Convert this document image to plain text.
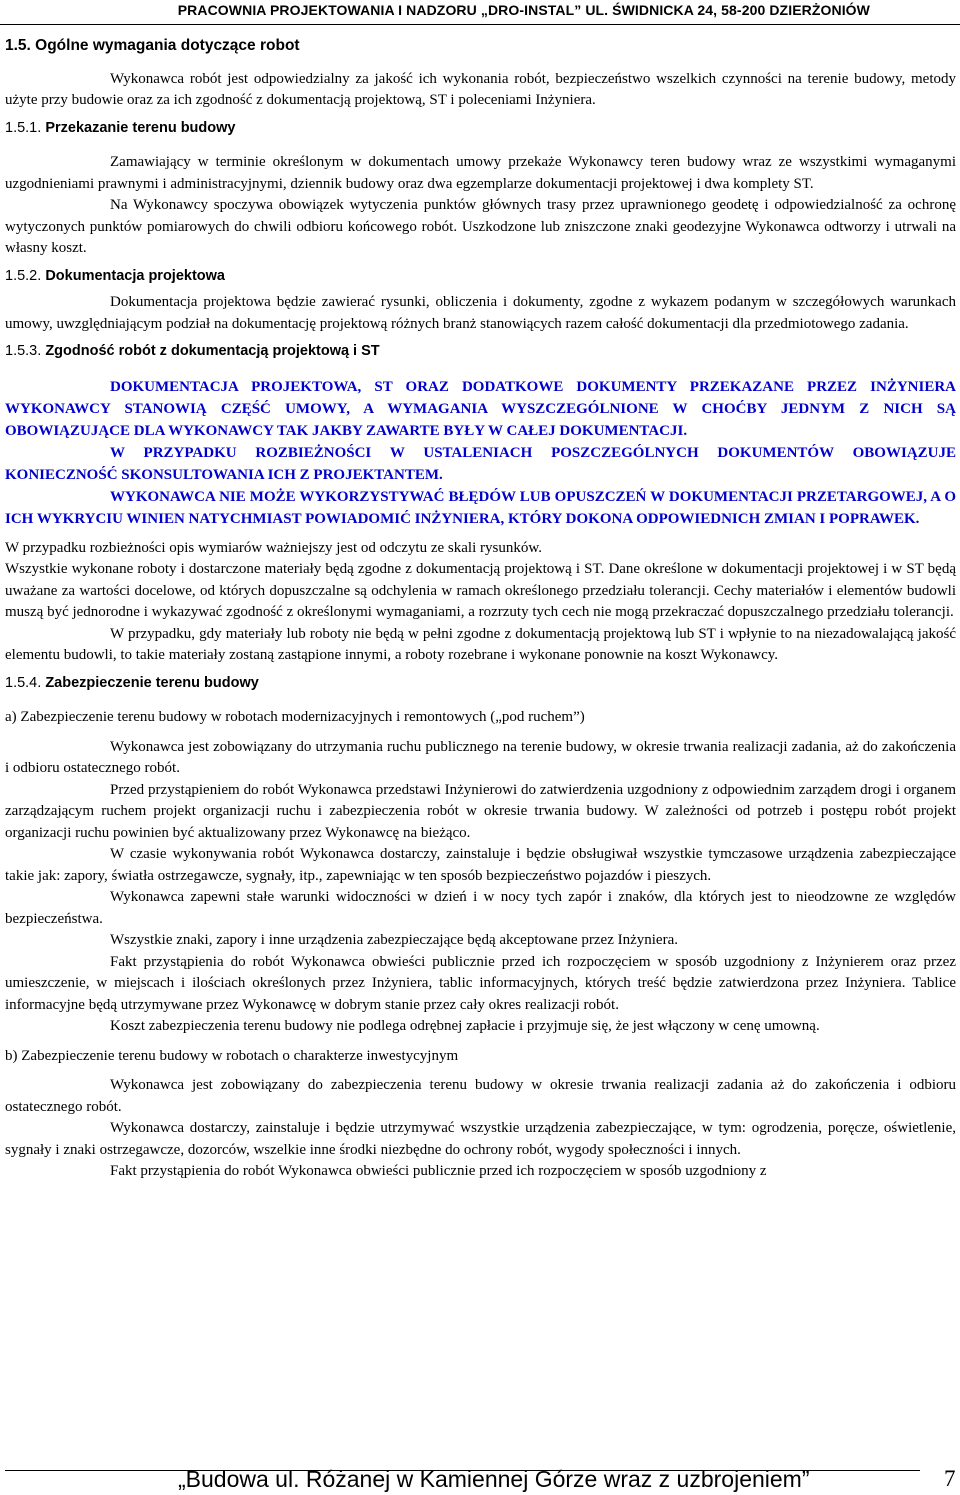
PRACOWNIA PROJEKTOWANIA I NADZORU „DRO-INSTAL” UL. ŚWIDNICKA 24, 58-200 DZIERŻONIÓW
1.5. Ogólne wymagania dotyczące robot

Wykonawca robót jest odpowiedzialny za jakość ich wykonania robót, bezpieczeństwo wszelkich czynności na terenie budowy, metody użyte przy budowie oraz za ich zgodność z dokumentacją projektową, ST i poleceniami Inżyniera.

1.5.1. Przekazanie terenu budowy

Zamawiający w terminie określonym w dokumentach umowy przekaże Wykonawcy teren budowy wraz ze wszystkimi wymaganymi uzgodnieniami prawnymi i administracyjnymi, dziennik budowy oraz dwa egzemplarze dokumentacji projektowej i dwa komplety ST.

Na Wykonawcy spoczywa obowiązek wytyczenia punktów głównych trasy przez uprawnionego geodetę i odpowiedzialność za ochronę wytyczonych punktów pomiarowych do chwili odbioru końcowego robót. Uszkodzone lub zniszczone znaki geodezyjne Wykonawca odtworzy i utrwali na własny koszt.

1.5.2. Dokumentacja projektowa

Dokumentacja projektowa będzie zawierać rysunki, obliczenia i dokumenty, zgodne z wykazem podanym w szczegółowych warunkach umowy, uwzględniającym podział na dokumentację projektową różnych branż stanowiących razem całość dokumentacji dla przedmiotowego zadania.

1.5.3. Zgodność robót z dokumentacją projektową i ST

DOKUMENTACJA PROJEKTOWA, ST ORAZ DODATKOWE DOKUMENTY PRZEKAZANE PRZEZ INŻYNIERA WYKONAWCY STANOWIĄ CZĘŚĆ UMOWY, A WYMAGANIA WYSZCZEGÓLNIONE W CHOĆBY JEDNYM Z NICH SĄ OBOWIĄZUJĄCE DLA WYKONAWCY TAK JAKBY ZAWARTE BYŁY W CAŁEJ DOKUMENTACJI.

W PRZYPADKU ROZBIEŻNOŚCI W USTALENIACH POSZCZEGÓLNYCH DOKUMENTÓW OBOWIĄZUJE KONIECZNOŚĆ SKONSULTOWANIA ICH Z PROJEKTANTEM.

WYKONAWCA NIE MOŻE WYKORZYSTYWAĆ BŁĘDÓW LUB OPUSZCZEŃ W DOKUMENTACJI PRZETARGOWEJ, A O ICH WYKRYCIU WINIEN NATYCHMIAST POWIADOMIĆ INŻYNIERA, KTÓRY DOKONA ODPOWIEDNICH ZMIAN I POPRAWEK.

W przypadku rozbieżności opis wymiarów ważniejszy jest od odczytu ze skali rysunków.

Wszystkie wykonane roboty i dostarczone materiały będą zgodne z dokumentacją projektową i ST. Dane określone w dokumentacji projektowej i w ST będą uważane za wartości docelowe, od których dopuszczalne są odchylenia w ramach określonego przedziału tolerancji. Cechy materiałów i elementów budowli muszą być jednorodne i wykazywać zgodność z określonymi wymaganiami, a rozrzuty tych cech nie mogą przekraczać dopuszczalnego przedziału tolerancji.

W przypadku, gdy materiały lub roboty nie będą w pełni zgodne z dokumentacją projektową lub ST i wpłynie to na niezadowalającą jakość elementu budowli, to takie materiały zostaną zastąpione innymi, a roboty rozebrane i wykonane ponownie na koszt Wykonawcy.

1.5.4. Zabezpieczenie terenu budowy

a) Zabezpieczenie terenu budowy w robotach modernizacyjnych i remontowych („pod ruchem”)

Wykonawca jest zobowiązany do utrzymania ruchu publicznego na terenie budowy, w okresie trwania realizacji zadania, aż do zakończenia i odbioru ostatecznego robót.

Przed przystąpieniem do robót Wykonawca przedstawi Inżynierowi do zatwierdzenia uzgodniony z odpowiednim zarządem drogi i organem zarządzającym ruchem projekt organizacji ruchu i zabezpieczenia robót w okresie trwania budowy. W zależności od potrzeb i postępu robót projekt organizacji ruchu powinien być aktualizowany przez Wykonawcę na bieżąco.

W czasie wykonywania robót Wykonawca dostarczy, zainstaluje i będzie obsługiwał wszystkie tymczasowe urządzenia zabezpieczające takie jak: zapory, światła ostrzegawcze, sygnały, itp., zapewniając w ten sposób bezpieczeństwo pojazdów i pieszych.

Wykonawca zapewni stałe warunki widoczności w dzień i w nocy tych zapór i znaków, dla których jest to nieodzowne ze względów bezpieczeństwa.

Wszystkie znaki, zapory i inne urządzenia zabezpieczające będą akceptowane przez Inżyniera.

Fakt przystąpienia do robót Wykonawca obwieści publicznie przed ich rozpoczęciem w sposób uzgodniony z Inżynierem oraz przez umieszczenie, w miejscach i ilościach określonych przez Inżyniera, tablic informacyjnych, których treść będzie zatwierdzona przez Inżyniera. Tablice informacyjne będą utrzymywane przez Wykonawcę w dobrym stanie przez cały okres realizacji robót.

Koszt zabezpieczenia terenu budowy nie podlega odrębnej zapłacie i przyjmuje się, że jest włączony w cenę umowną.

b) Zabezpieczenie terenu budowy w robotach o charakterze inwestycyjnym

Wykonawca jest zobowiązany do zabezpieczenia terenu budowy w okresie trwania realizacji zadania aż do zakończenia i odbioru ostatecznego robót.

Wykonawca dostarczy, zainstaluje i będzie utrzymywać wszystkie urządzenia zabezpieczające, w tym: ogrodzenia, poręcze, oświetlenie, sygnały i znaki ostrzegawcze, dozorców, wszelkie inne środki niezbędne do ochrony robót, wygody społeczności i innych.

Fakt przystąpienia do robót Wykonawca obwieści publicznie przed ich rozpoczęciem w sposób uzgodniony z

„Budowa ul. Różanej w Kamiennej Górze wraz z uzbrojeniem”	7
